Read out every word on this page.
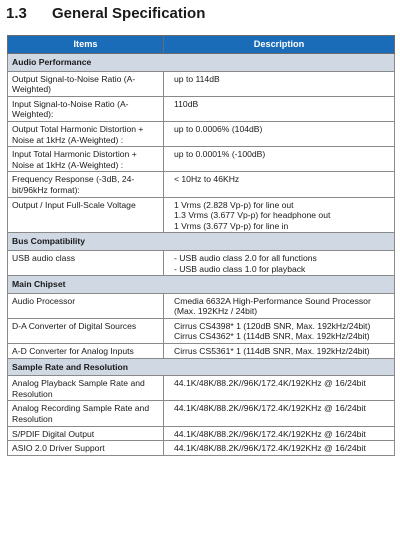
1.3	General Specification
Items	Description
Audio Performance	
Output Signal-to-Noise Ratio (A-Weighted)	up to 114dB

Input Signal-to-Noise Ratio (A-Weighted):	110dB

Output Total Harmonic Distortion + Noise at 1kHz (A-Weighted) :	up to 0.0006% (104dB)

Input Total Harmonic Distortion + Noise at 1kHz (A-Weighted) :	up to 0.0001% (-100dB)

Frequency Response (-3dB, 24-bit/96kHz format):	< 10Hz to 46KHz

Output / Input Full-Scale Voltage	1 Vrms (2.828 Vp-p) for line out
1.3 Vrms (3.677 Vp-p) for headphone out
1 Vrms (3.677 Vp-p) for line in

Bus Compatibility	
USB audio class	- USB audio class 2.0 for all functions
- USB audio class 1.0 for playback

Main Chipset	
Audio Processor	Cmedia 6632A High-Performance Sound Processor
(Max. 192KHz / 24bit)

D-A Converter of Digital Sources	Cirrus CS4398* 1 (120dB SNR, Max. 192kHz/24bit)
Cirrus CS4362* 1 (114dB SNR, Max. 192kHz/24bit)

A-D Converter for Analog Inputs	Cirrus CS5361* 1 (114dB SNR, Max. 192kHz/24bit)

Sample Rate and Resolution	
Analog Playback Sample Rate and Resolution	44.1K/48K/88.2K//96K/172.4K/192KHz @ 16/24bit

Analog Recording Sample Rate and Resolution	44.1K/48K/88.2K//96K/172.4K/192KHz @ 16/24bit

S/PDIF Digital Output	44.1K/48K/88.2K//96K/172.4K/192KHz @ 16/24bit

ASIO 2.0 Driver Support	44.1K/48K/88.2K//96K/172.4K/192KHz @ 16/24bit
